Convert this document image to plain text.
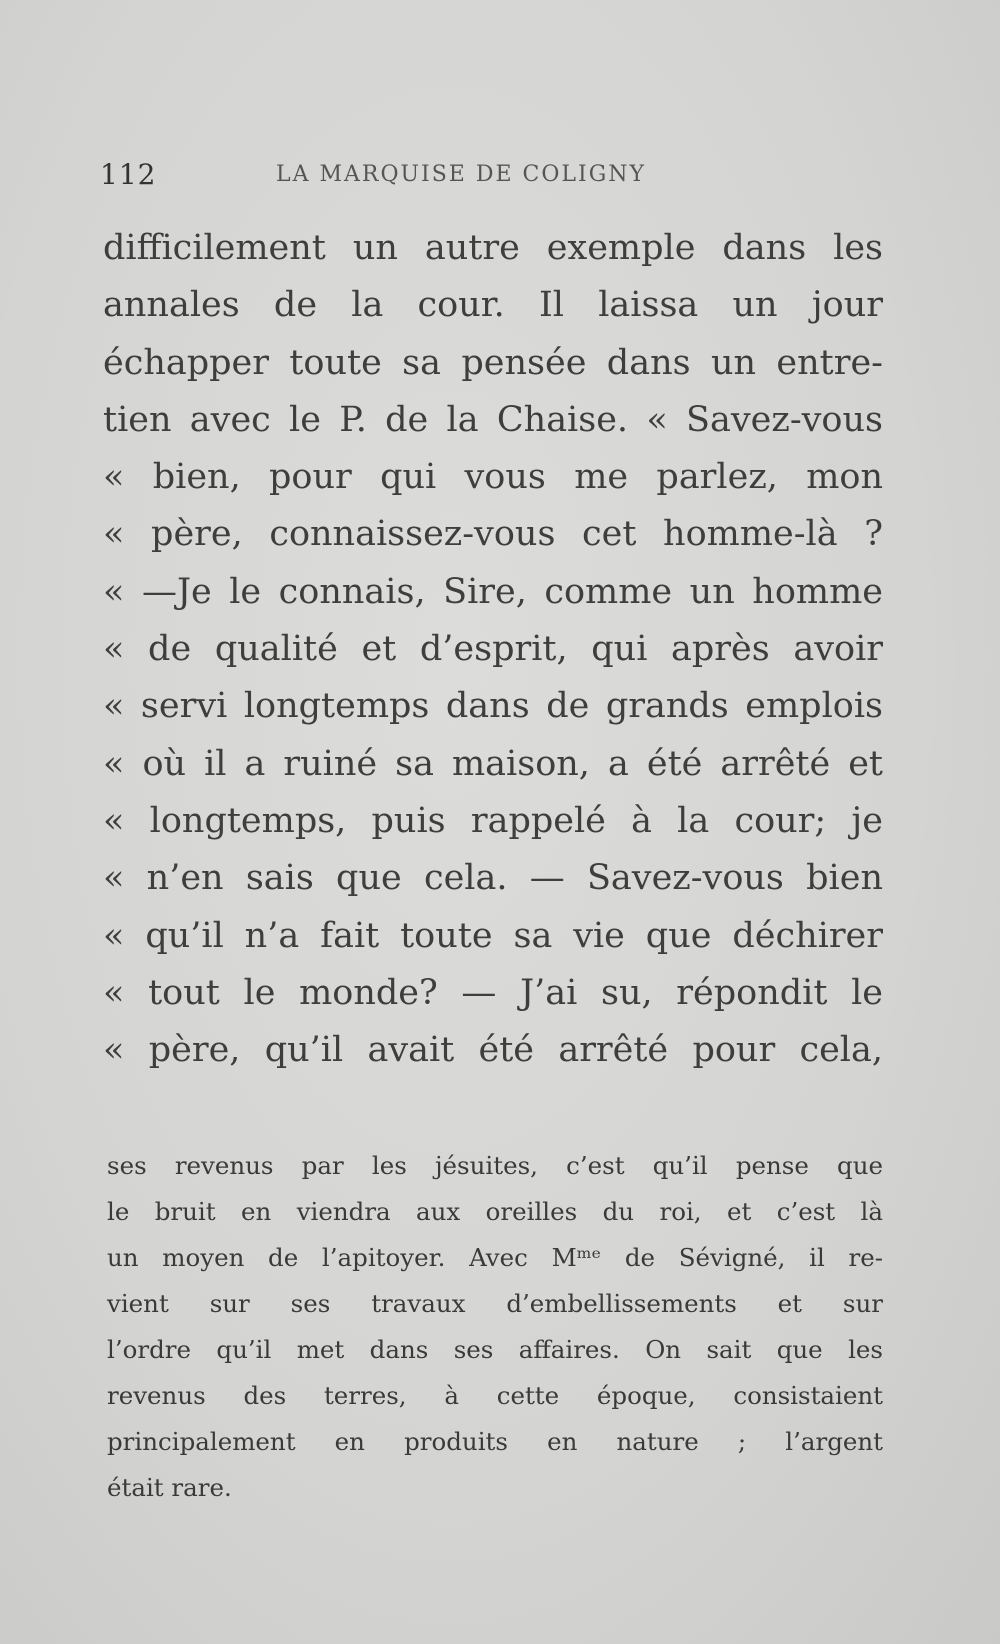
112	LA MARQUISE DE COLIGNY
difficilement un autre exemple dans les
annales de la cour. Il laissa un jour
échapper toute sa pensée dans un entre-
tien avec le P. de la Chaise. « Savez-vous
« bien, pour qui vous me parlez, mon
« père, connaissez-vous cet homme-là ?
« —Je le connais, Sire, comme un homme
« de qualité et d’esprit, qui après avoir
« servi longtemps dans de grands emplois
« où il a ruiné sa maison, a été arrêté et
« longtemps, puis rappelé à la cour; je
« n’en sais que cela. — Savez-vous bien
« qu’il n’a fait toute sa vie que déchirer
« tout le monde? — J’ai su, répondit le
« père, qu’il avait été arrêté pour cela,
ses revenus par les jésuites, c’est qu’il pense que
le bruit en viendra aux oreilles du roi, et c’est là
un moyen de l’apitoyer. Avec Mᵐᵉ de Sévigné, il re-
vient sur ses travaux d’embellissements et sur
l’ordre qu’il met dans ses affaires. On sait que les
revenus des terres, à cette époque, consistaient
principalement en produits en nature ; l’argent
était rare.
